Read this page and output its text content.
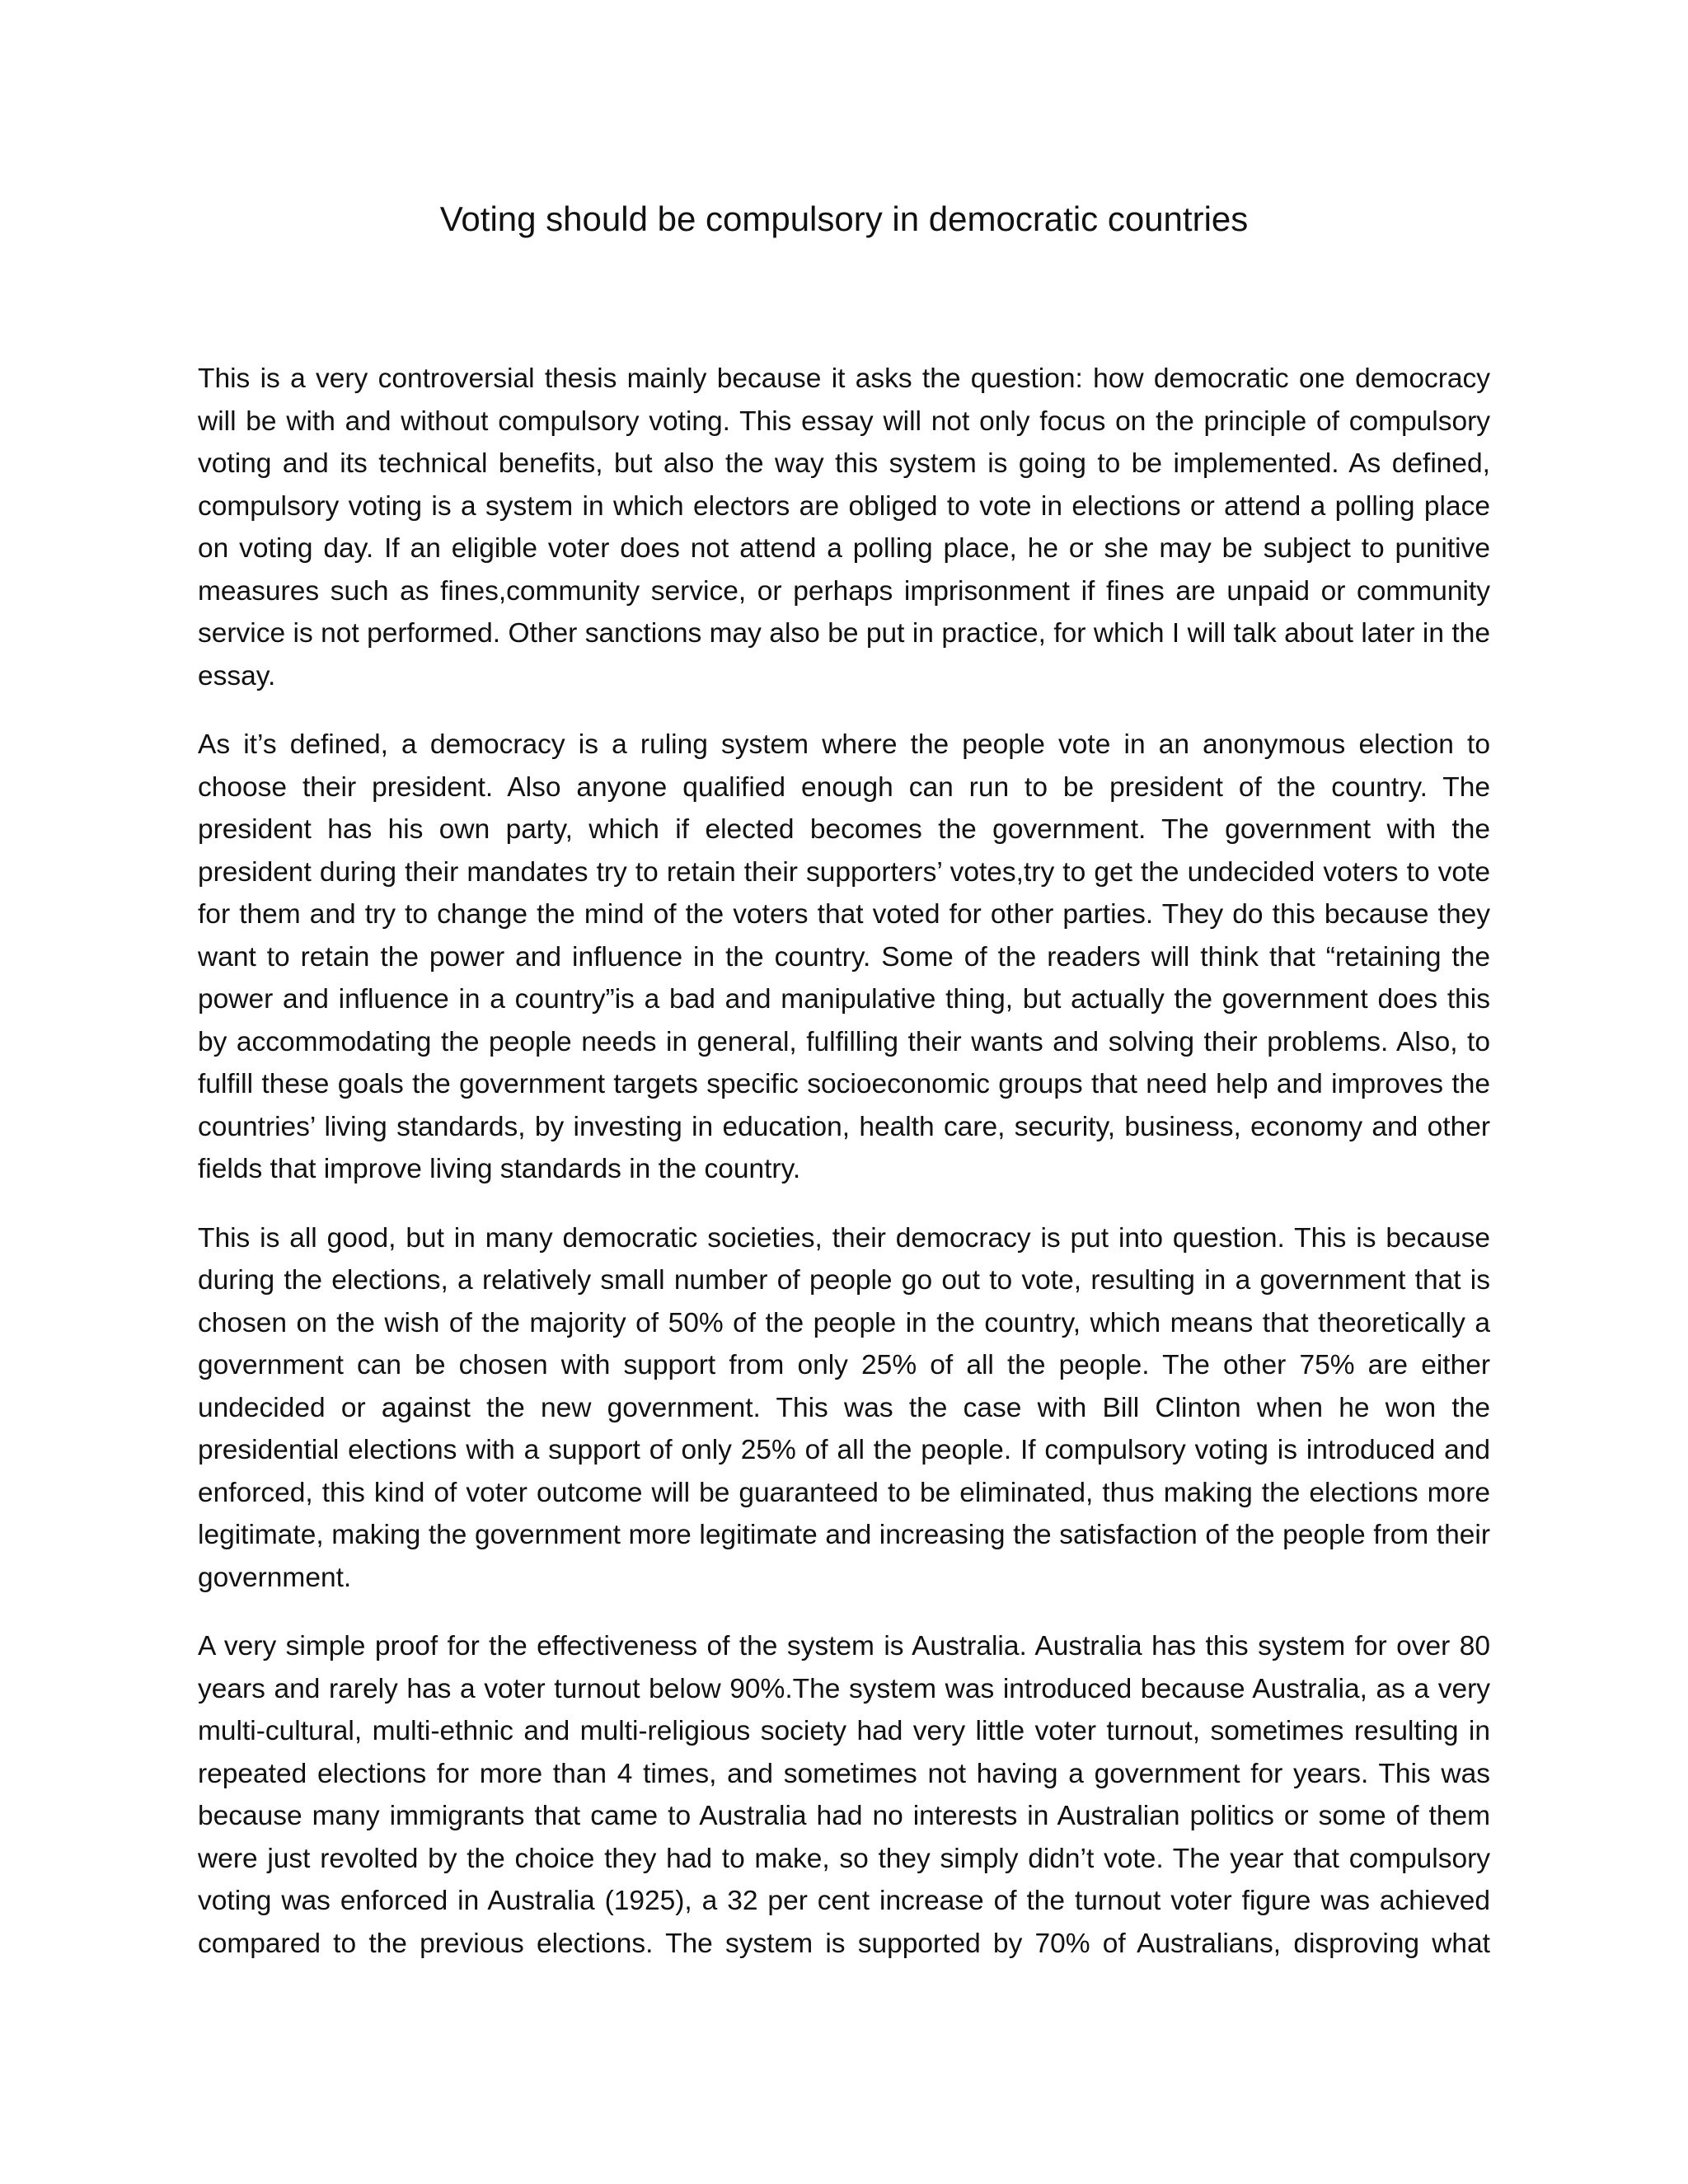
Voting should be compulsory in democratic countries

This is a very controversial thesis mainly because it asks the question: how democratic one democracy will be with and without compulsory voting. This essay will not only focus on the principle of compulsory voting and its technical benefits, but also the way this system is going to be implemented. As defined, compulsory voting is a system in which electors are obliged to vote in elections or attend a polling place on voting day. If an eligible voter does not attend a polling place, he or she may be subject to punitive measures such as fines,community service, or perhaps imprisonment if fines are unpaid or community service is not performed. Other sanctions may also be put in practice, for which I will talk about later in the essay.

As it’s defined, a democracy is a ruling system where the people vote in an anonymous election to choose their president. Also anyone qualified enough can run to be president of the country. The president has his own party, which if elected becomes the government. The government with the president during their mandates try to retain their supporters’ votes,try to get the undecided voters to vote for them and try to change the mind of the voters that voted for other parties. They do this because they want to retain the power and influence in the country. Some of the readers will think that “retaining the power and influence in a country”is a bad and manipulative thing, but actually the government does this by accommodating the people needs in general, fulfilling their wants and solving their problems. Also, to fulfill these goals the government targets specific socioeconomic groups that need help and improves the countries’ living standards, by investing in education, health care, security, business, economy and other fields that improve living standards in the country.

This is all good, but in many democratic societies, their democracy is put into question. This is because during the elections, a relatively small number of people go out to vote, resulting in a government that is chosen on the wish of the majority of 50% of the people in the country, which means that theoretically a government can be chosen with support from only 25% of all the people. The other 75% are either undecided or against the new government. This was the case with Bill Clinton when he won the presidential elections with a support of only 25% of all the people. If compulsory voting is introduced and enforced, this kind of voter outcome will be guaranteed to be eliminated, thus making the elections more legitimate, making the government more legitimate and increasing the satisfaction of the people from their government.

A very simple proof for the effectiveness of the system is Australia. Australia has this system for over 80 years and rarely has a voter turnout below 90%.The system was introduced because Australia, as a very multi-cultural, multi-ethnic and multi-religious society had very little voter turnout, sometimes resulting in repeated elections for more than 4 times, and sometimes not having a government for years. This was because many immigrants that came to Australia had no interests in Australian politics or some of them were just revolted by the choice they had to make, so they simply didn’t vote. The year that compulsory voting was enforced in Australia (1925), a 32 per cent increase of the turnout voter figure was achieved compared to the previous elections. The system is supported by 70% of Australians, disproving what
